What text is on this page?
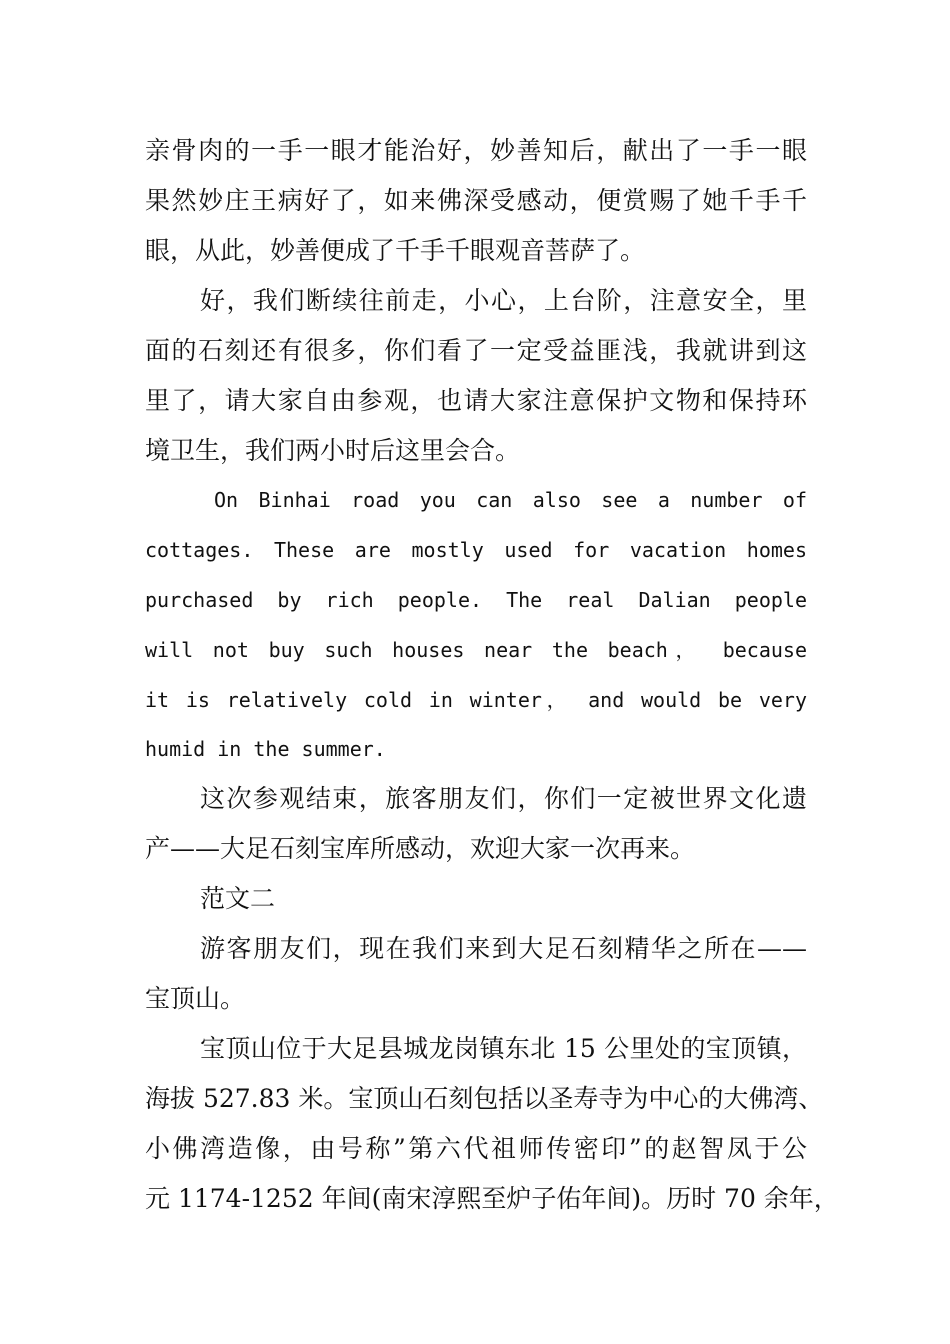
亲骨肉的一手一眼才能治好，妙善知后，献出了一手一眼

果然妙庄王病好了，如来佛深受感动，便赏赐了她千手千

眼，从此，妙善便成了千手千眼观音菩萨了。

好，我们断续往前走，小心，上台阶，注意安全，里

面的石刻还有很多，你们看了一定受益匪浅，我就讲到这

里了，请大家自由参观，也请大家注意保护文物和保持环

境卫生，我们两小时后这里会合。

On Binhai road you can also see a number of

cottages. These are mostly used for vacation homes

purchased by rich people. The real Dalian people

will not buy such houses near the beach， because

it is relatively cold in winter， and would be very

humid in the summer.

这次参观结束，旅客朋友们，你们一定被世界文化遗

产——大足石刻宝库所感动，欢迎大家一次再来。

范文二

游客朋友们，现在我们来到大足石刻精华之所在——

宝顶山。

宝顶山位于大足县城龙岗镇东北 15 公里处的宝顶镇，

海拔 527.83 米。宝顶山石刻包括以圣寿寺为中心的大佛湾、

小佛湾造像，由号称”第六代祖师传密印”的赵智凤于公

元 1174-1252 年间(南宋淳熙至炉子佑年间)。历时 70 余年，
